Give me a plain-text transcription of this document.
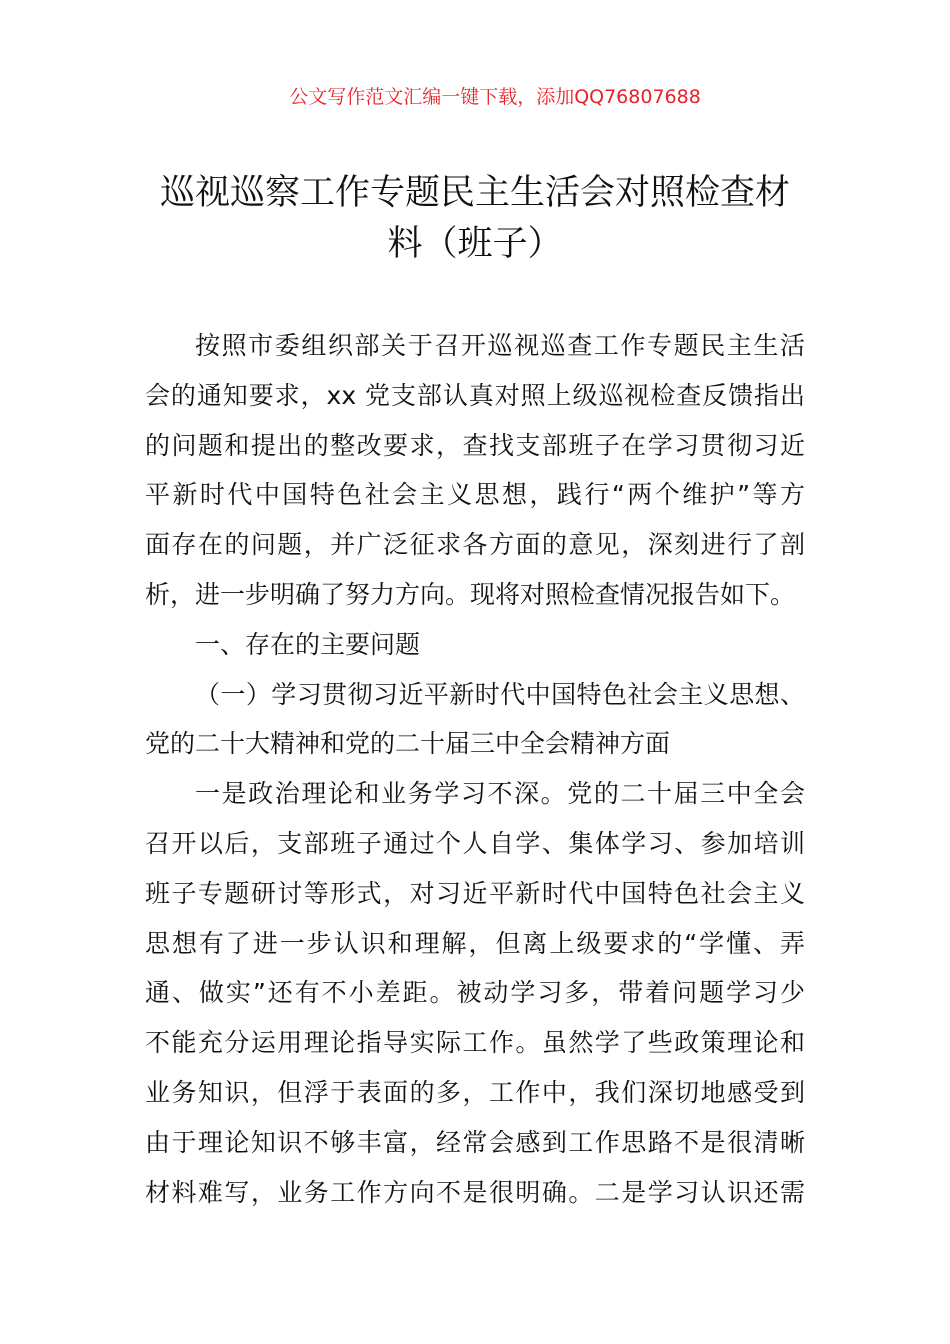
公文写作范文汇编一键下载，添加QQ76807688
巡视巡察工作专题民主生活会对照检查材
料（班子）
按照市委组织部关于召开巡视巡查工作专题民主生活
会的通知要求，xx 党支部认真对照上级巡视检查反馈指出
的问题和提出的整改要求，查找支部班子在学习贯彻习近
平新时代中国特色社会主义思想，践行“两个维护”等方
面存在的问题，并广泛征求各方面的意见，深刻进行了剖
析，进一步明确了努力方向。现将对照检查情况报告如下。
一、存在的主要问题
（一）学习贯彻习近平新时代中国特色社会主义思想、
党的二十大精神和党的二十届三中全会精神方面
一是政治理论和业务学习不深。党的二十届三中全会
召开以后，支部班子通过个人自学、集体学习、参加培训
班子专题研讨等形式，对习近平新时代中国特色社会主义
思想有了进一步认识和理解，但离上级要求的“学懂、弄
通、做实”还有不小差距。被动学习多，带着问题学习少
不能充分运用理论指导实际工作。虽然学了些政策理论和
业务知识，但浮于表面的多，工作中，我们深切地感受到
由于理论知识不够丰富，经常会感到工作思路不是很清晰
材料难写，业务工作方向不是很明确。二是学习认识还需
